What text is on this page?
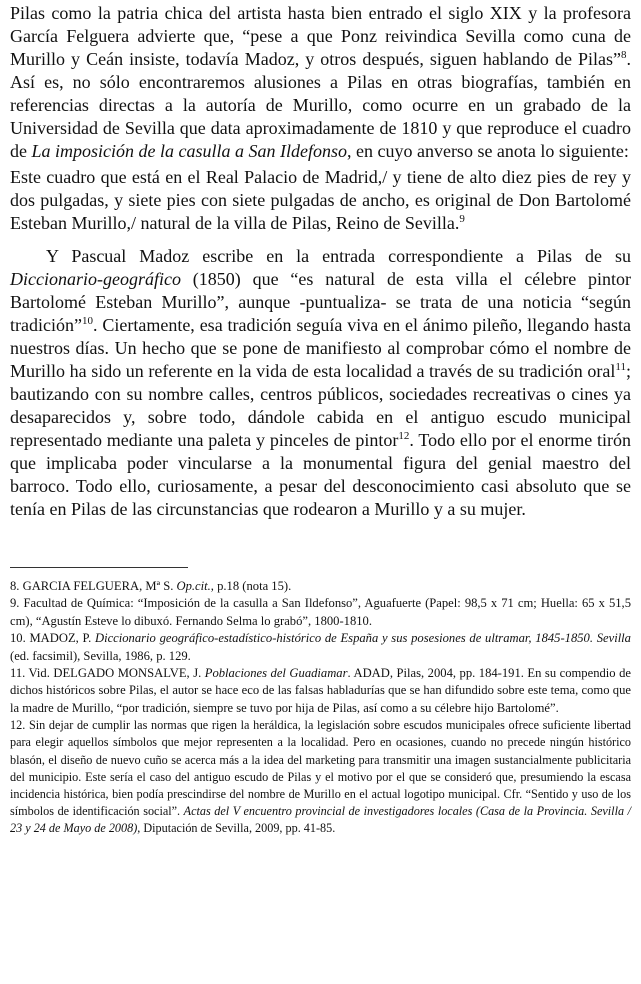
Pilas como la patria chica del artista hasta bien entrado el siglo XIX y la profesora García Felguera advierte que, “pese a que Ponz reivindica Sevilla como cuna de Murillo y Ceán insiste, todavía Madoz, y otros después, siguen hablando de Pilas”$^8$. Así es, no sólo encontraremos alusiones a Pilas en otras biografías, también en referencias directas a la autoría de Murillo, como ocurre en un grabado de la Universidad de Sevilla que data aproximadamente de 1810 y que reproduce el cuadro de La imposición de la casulla a San Ildefonso, en cuyo anverso se anota lo siguiente:

Este cuadro que está en el Real Palacio de Madrid,/ y tiene de alto diez pies de rey y dos pulgadas, y siete pies con siete pulgadas de ancho, es original de Don Bartolomé Esteban Murillo,/ natural de la villa de Pilas, Reino de Sevilla.$^9$

Y Pascual Madoz escribe en la entrada correspondiente a Pilas de su Diccionario-geográfico (1850) que “es natural de esta villa el célebre pintor Bartolomé Esteban Murillo”, aunque -puntualiza- se trata de una noticia “según tradición”$^{10}$. Ciertamente, esa tradición seguía viva en el ánimo pileño, llegando hasta nuestros días. Un hecho que se pone de manifiesto al comprobar cómo el nombre de Murillo ha sido un referente en la vida de esta localidad a través de su tradición oral$^{11}$; bautizando con su nombre calles, centros públicos, sociedades recreativas o cines ya desaparecidos y, sobre todo, dándole cabida en el antiguo escudo municipal representado mediante una paleta y pinceles de pintor$^{12}$. Todo ello por el enorme tirón que implicaba poder vincularse a la monumental figura del genial maestro del barroco. Todo ello, curiosamente, a pesar del desconocimiento casi absoluto que se tenía en Pilas de las circunstancias que rodearon a Murillo y a su mujer.

8. GARCIA FELGUERA, Mª S. Op.cit., p.18 (nota 15).

9. Facultad de Química: “Imposición de la casulla a San Ildefonso”, Aguafuerte (Papel: 98,5 x 71 cm; Huella: 65 x 51,5 cm), “Agustín Esteve lo dibuxó. Fernando Selma lo grabó”, 1800-1810.

10. MADOZ, P. Diccionario geográfico-estadístico-histórico de España y sus posesiones de ultramar, 1845-1850. Sevilla (ed. facsimil), Sevilla, 1986, p. 129.

11. Vid. DELGADO MONSALVE, J. Poblaciones del Guadiamar. ADAD, Pilas, 2004, pp. 184-191. En su compendio de dichos históricos sobre Pilas, el autor se hace eco de las falsas habladurías que se han difundido sobre este tema, como que la madre de Murillo, “por tradición, siempre se tuvo por hija de Pilas, así como a su célebre hijo Bartolomé”.

12. Sin dejar de cumplir las normas que rigen la heráldica, la legislación sobre escudos municipales ofrece suficiente libertad para elegir aquellos símbolos que mejor representen a la localidad. Pero en ocasiones, cuando no precede ningún histórico blasón, el diseño de nuevo cuño se acerca más a la idea del marketing para transmitir una imagen sustancialmente publicitaria del municipio. Este sería el caso del antiguo escudo de Pilas y el motivo por el que se consideró que, presumiendo la escasa incidencia histórica, bien podía prescindirse del nombre de Murillo en el actual logotipo municipal. Cfr. “Sentido y uso de los símbolos de identificación social”. Actas del V encuentro provincial de investigadores locales (Casa de la Provincia. Sevilla / 23 y 24 de Mayo de 2008), Diputación de Sevilla, 2009, pp. 41-85.
